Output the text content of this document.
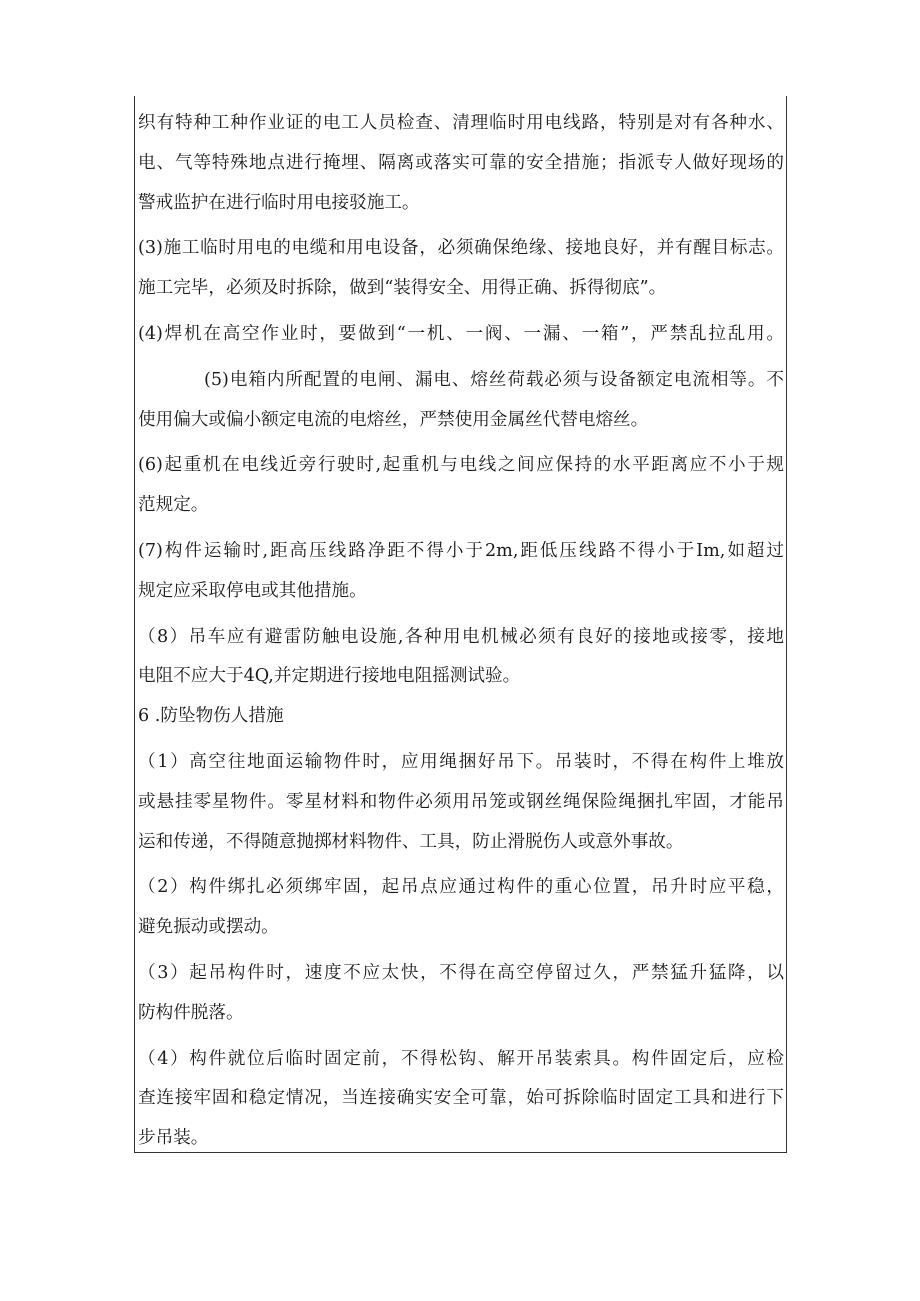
织有特种工种作业证的电工人员检查、清理临时用电线路，特别是对有各种水、
电、气等特殊地点进行掩埋、隔离或落实可靠的安全措施；指派专人做好现场的
警戒监护在进行临时用电接驳施工。
(3)施工临时用电的电缆和用电设备，必须确保绝缘、接地良好，并有醒目标志。
施工完毕，必须及时拆除，做到“装得安全、用得正确、拆得彻底”。
(4)焊机在高空作业时，要做到“一机、一阀、一漏、一箱”，严禁乱拉乱用。
(5)电箱内所配置的电闸、漏电、熔丝荷载必须与设备额定电流相等。不
使用偏大或偏小额定电流的电熔丝，严禁使用金属丝代替电熔丝。
(6)起重机在电线近旁行驶时,起重机与电线之间应保持的水平距离应不小于规
范规定。
(7)构件运输时,距高压线路净距不得小于2m,距低压线路不得小于Im,如超过
规定应采取停电或其他措施。
（8）吊车应有避雷防触电设施,各种用电机械必须有良好的接地或接零，接地
电阻不应大于4Q,并定期进行接地电阻摇测试验。
6 .防坠物伤人措施
（1）高空往地面运输物件时，应用绳捆好吊下。吊装时，不得在构件上堆放
或悬挂零星物件。零星材料和物件必须用吊笼或钢丝绳保险绳捆扎牢固，才能吊
运和传递，不得随意抛掷材料物件、工具，防止滑脱伤人或意外事故。
（2）构件绑扎必须绑牢固，起吊点应通过构件的重心位置，吊升时应平稳，
避免振动或摆动。
（3）起吊构件时，速度不应太快，不得在高空停留过久，严禁猛升猛降，以
防构件脱落。
（4）构件就位后临时固定前，不得松钩、解开吊装索具。构件固定后，应检
查连接牢固和稳定情况，当连接确实安全可靠，始可拆除临时固定工具和进行下
步吊装。
